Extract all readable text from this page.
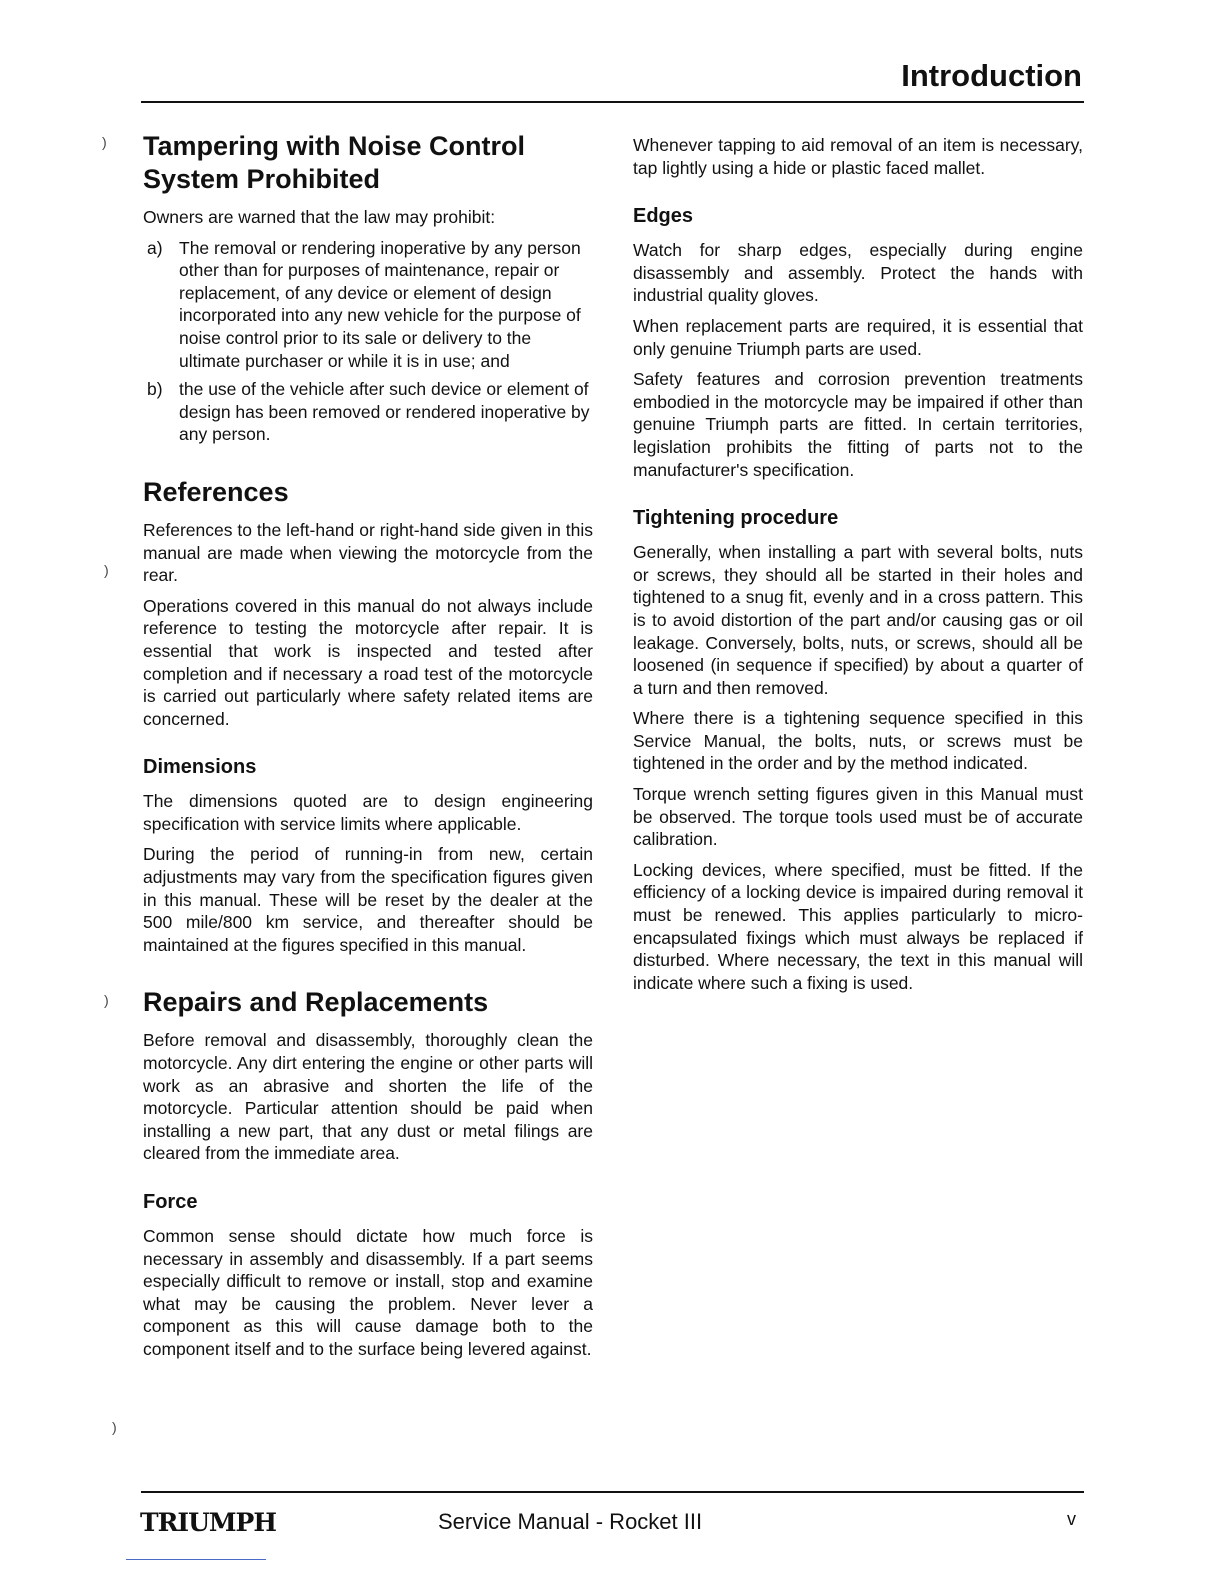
Introduction
)
)
)
)
Tampering with Noise Control System Prohibited

Owners are warned that the law may prohibit:

a) The removal or rendering inoperative by any person other than for purposes of maintenance, repair or replacement, of any device or element of design incorporated into any new vehicle for the purpose of noise control prior to its sale or delivery to the ultimate purchaser or while it is in use; and
b) the use of the vehicle after such device or element of design has been removed or rendered inoperative by any person.
References

References to the left-hand or right-hand side given in this manual are made when viewing the motorcycle from the rear.

Operations covered in this manual do not always include reference to testing the motorcycle after repair. It is essential that work is inspected and tested after completion and if necessary a road test of the motorcycle is carried out particularly where safety related items are concerned.

Dimensions

The dimensions quoted are to design engineering specification with service limits where applicable.

During the period of running-in from new, certain adjustments may vary from the specification figures given in this manual. These will be reset by the dealer at the 500 mile/800 km service, and thereafter should be maintained at the figures specified in this manual.

Repairs and Replacements

Before removal and disassembly, thoroughly clean the motorcycle. Any dirt entering the engine or other parts will work as an abrasive and shorten the life of the motorcycle. Particular attention should be paid when installing a new part, that any dust or metal filings are cleared from the immediate area.

Force

Common sense should dictate how much force is necessary in assembly and disassembly. If a part seems especially difficult to remove or install, stop and examine what may be causing the problem. Never lever a component as this will cause damage both to the component itself and to the surface being levered against.

Whenever tapping to aid removal of an item is necessary, tap lightly using a hide or plastic faced mallet.

Edges

Watch for sharp edges, especially during engine disassembly and assembly. Protect the hands with industrial quality gloves.

When replacement parts are required, it is essential that only genuine Triumph parts are used.

Safety features and corrosion prevention treatments embodied in the motorcycle may be impaired if other than genuine Triumph parts are fitted. In certain territories, legislation prohibits the fitting of parts not to the manufacturer's specification.

Tightening procedure

Generally, when installing a part with several bolts, nuts or screws, they should all be started in their holes and tightened to a snug fit, evenly and in a cross pattern. This is to avoid distortion of the part and/or causing gas or oil leakage. Conversely, bolts, nuts, or screws, should all be loosened (in sequence if specified) by about a quarter of a turn and then removed.

Where there is a tightening sequence specified in this Service Manual, the bolts, nuts, or screws must be tightened in the order and by the method indicated.

Torque wrench setting figures given in this Manual must be observed. The torque tools used must be of accurate calibration.

Locking devices, where specified, must be fitted. If the efficiency of a locking device is impaired during removal it must be renewed. This applies particularly to micro-encapsulated fixings which must always be replaced if disturbed. Where necessary, the text in this manual will indicate where such a fixing is used.

TRIUMPH	Service Manual - Rocket III	v
